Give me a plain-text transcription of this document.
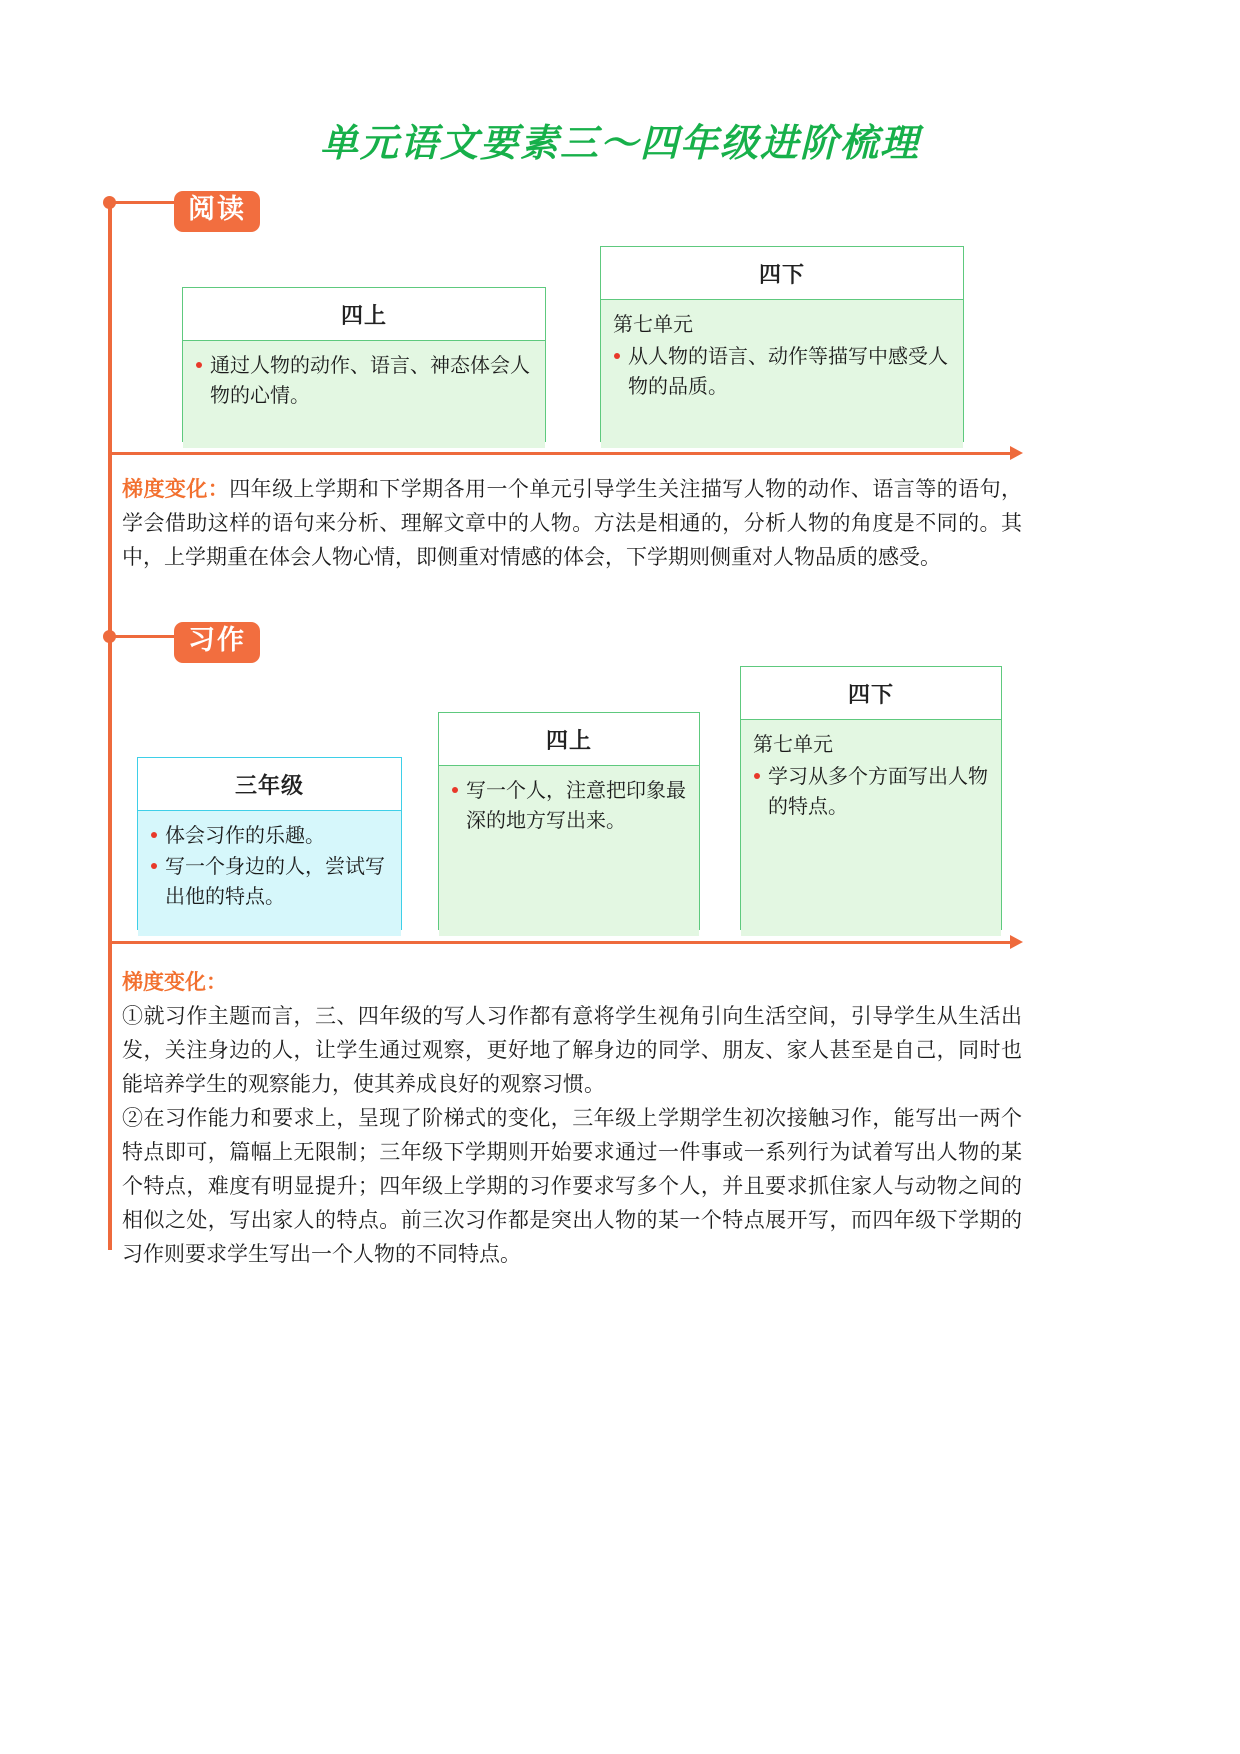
单元语文要素三～四年级进阶梳理
阅读
习作
四上
通过人物的动作、语言、神态体会人物的心情。
四下
第七单元
从人物的语言、动作等描写中感受人物的品质。

梯度变化：四年级上学期和下学期各用一个单元引导学生关注描写人物的动作、语言等的语句，学会借助这样的语句来分析、理解文章中的人物。方法是相通的，分析人物的角度是不同的。其中，上学期重在体会人物心情，即侧重对情感的体会，下学期则侧重对人物品质的感受。

三年级
体会习作的乐趣。
写一个身边的人，尝试写出他的特点。
四上
写一个人，注意把印象最深的地方写出来。
四下
第七单元
学习从多个方面写出人物的特点。

梯度变化：

①就习作主题而言，三、四年级的写人习作都有意将学生视角引向生活空间，引导学生从生活出发，关注身边的人，让学生通过观察，更好地了解身边的同学、朋友、家人甚至是自己，同时也能培养学生的观察能力，使其养成良好的观察习惯。

②在习作能力和要求上，呈现了阶梯式的变化，三年级上学期学生初次接触习作，能写出一两个特点即可，篇幅上无限制；三年级下学期则开始要求通过一件事或一系列行为试着写出人物的某个特点，难度有明显提升；四年级上学期的习作要求写多个人，并且要求抓住家人与动物之间的相似之处，写出家人的特点。前三次习作都是突出人物的某一个特点展开写，而四年级下学期的习作则要求学生写出一个人物的不同特点。
